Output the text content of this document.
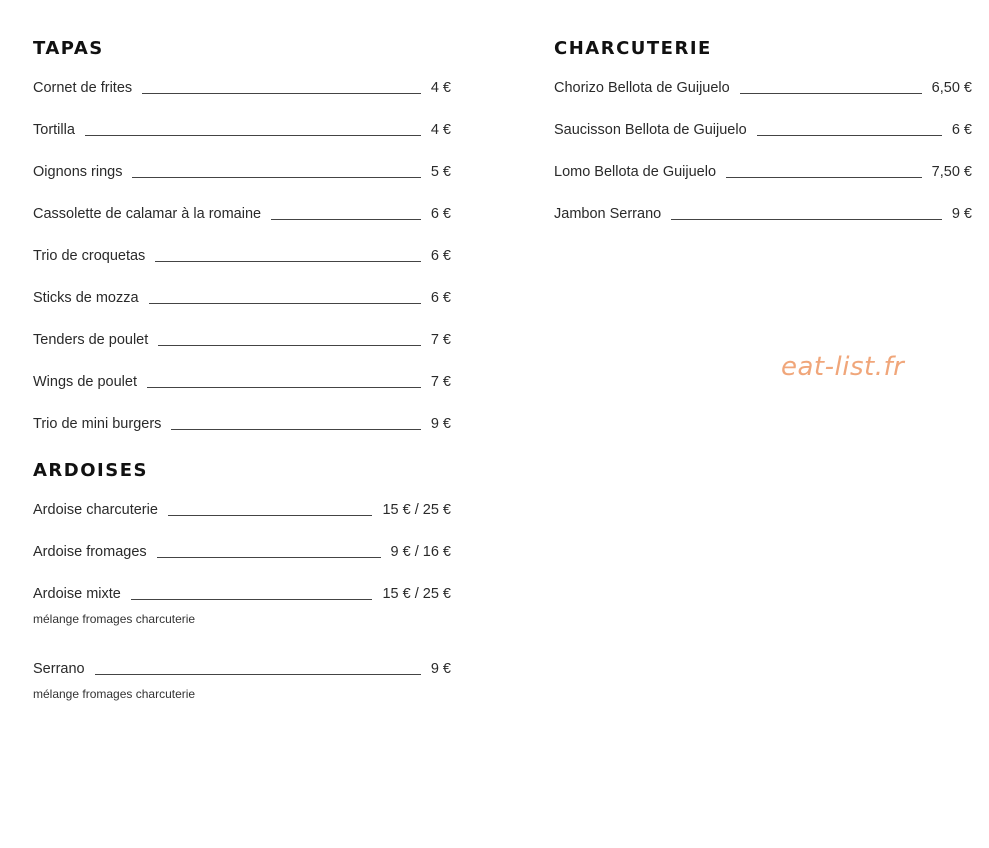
TAPAS
Cornet de frites	4 €
Tortilla	4 €
Oignons rings	5 €
Cassolette de calamar à la romaine	6 €
Trio de croquetas	6 €
Sticks de mozza	6 €
Tenders de poulet	7 €
Wings de poulet	7 €
Trio de mini burgers	9 €
ARDOISES
Ardoise charcuterie	15 € / 25 €
Ardoise fromages	9 € / 16 €
Ardoise mixte	15 € / 25 €
mélange fromages charcuterie
Serrano	9 €
mélange fromages charcuterie
CHARCUTERIE
Chorizo Bellota de Guijuelo	6,50 €
Saucisson Bellota de Guijuelo	6 €
Lomo Bellota de Guijuelo	7,50 €
Jambon Serrano	9 €
eat-list.fr
